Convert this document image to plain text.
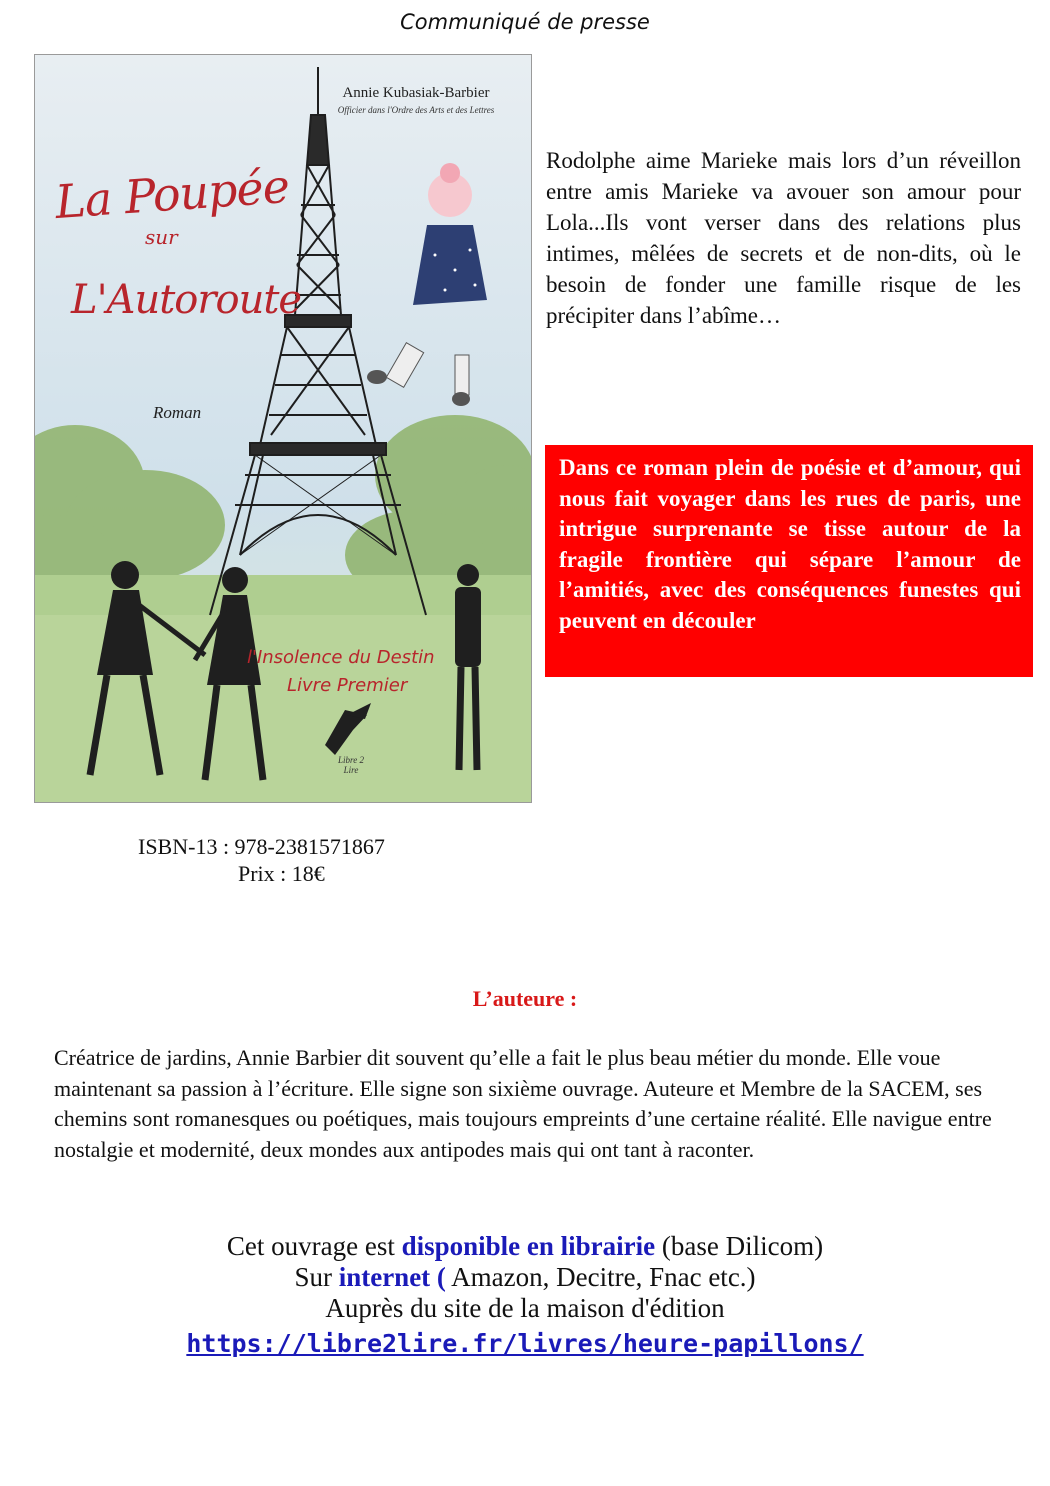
Communiqué de presse
Annie Kubasiak-Barbier
Officier dans l'Ordre des Arts et des Lettres
La Poupée
sur
L'Autoroute
Roman
l'Insolence du Destin
Livre Premier
Libre 2 Lire
Rodolphe aime Marieke mais lors d’un réveillon entre amis Marieke va avouer son amour pour Lola...Ils vont verser dans des relations plus intimes, mêlées de secrets et de non-dits, où le besoin de fonder une famille risque de les précipiter dans l’abîme…
Dans ce roman plein de poésie et d’amour, qui nous fait voyager dans les rues de paris, une intrigue surprenante se tisse autour de la fragile frontière qui sépare l’amour de l’amitiés, avec des conséquences funestes qui peuvent en découler
ISBN-13 : 978-2381571867
Prix : 18€
L’auteure :
Créatrice de jardins, Annie Barbier dit souvent qu’elle a fait le plus beau métier du monde. Elle voue maintenant sa passion à l’écriture. Elle signe son sixième ouvrage. Auteure et Membre de la SACEM, ses chemins sont romanesques ou poétiques, mais toujours empreints d’une certaine réalité. Elle navigue entre nostalgie et modernité, deux mondes aux antipodes mais qui ont tant à raconter.
Cet ouvrage est disponible en librairie (base Dilicom)
Sur internet ( Amazon, Decitre, Fnac etc.)
Auprès du site de la maison d'édition
https://libre2lire.fr/livres/heure-papillons/
